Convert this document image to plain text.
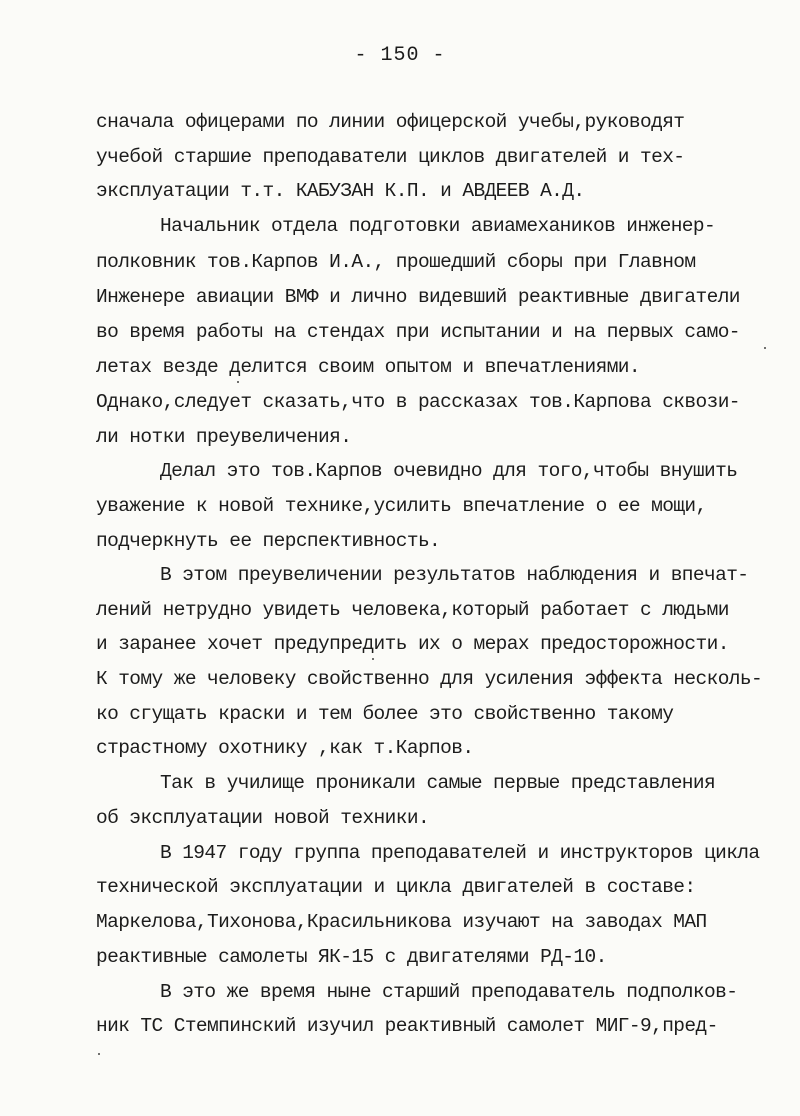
- 150 -
сначала офицерами по линии офицерской учебы,руководят
учебой старшие преподаватели циклов двигателей и тех-
эксплуатации т.т. КАБУЗАН К.П. и АВДЕЕВ А.Д.
Начальник отдела подготовки авиамехаников инженер-
полковник тов.Карпов И.А., прошедший сборы при Главном
Инженере авиации ВМФ и лично видевший реактивные двигатели
во время работы на стендах при испытании и на первых само-
летах везде делится своим опытом и впечатлениями.
Однако,следует сказать,что в рассказах тов.Карпова сквози-
ли нотки преувеличения.
Делал это тов.Карпов очевидно для того,чтобы внушить
уважение к новой технике,усилить впечатление о ее мощи,
подчеркнуть ее перспективность.
В этом преувеличении результатов наблюдения и впечат-
лений нетрудно увидеть человека,который работает с людьми
и заранее хочет предупредить их о мерах предосторожности.
К тому же человеку свойственно для усиления эффекта несколь-
ко сгущать краски и тем более это свойственно такому
страстному охотнику ,как т.Карпов.
Так в училище проникали самые первые представления
об эксплуатации новой техники.
В 1947 году группа преподавателей и инструкторов цикла
технической эксплуатации и цикла двигателей в составе:
Маркелова,Тихонова,Красильникова изучают на заводах МАП
реактивные самолеты ЯК-15 с двигателями РД-10.
В это же время ныне старший преподаватель подполков-
ник ТС Стемпинский изучил реактивный самолет МИГ-9,пред-
